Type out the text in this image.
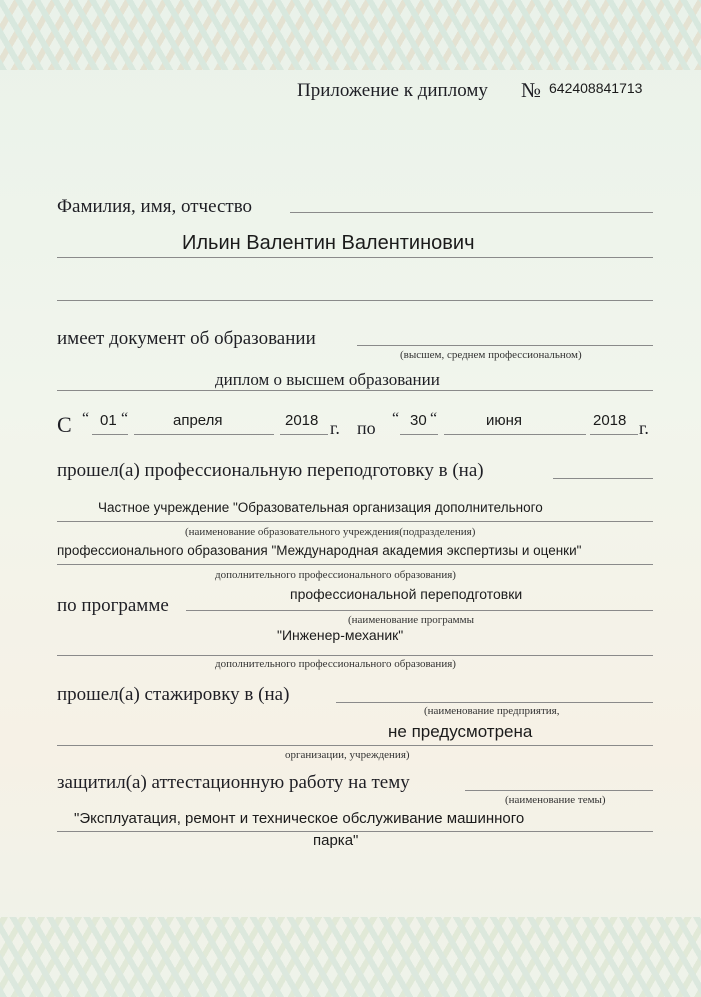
Приложение к дипломy № 642408841713
Фамилия, имя, отчество
Ильин Валентин Валентинович
имеет документ об образовании
(высшем, среднем профессиональном)
диплом о высшем образовании
С “ 01 “	апреля	2018 г. по “ 30 “	июня	2018 г.
прошел(а) профессиональную переподготовку в (на)
Частное учреждение "Образовательная организация дополнительного
(наименование образовательного учреждения(подразделения)
профессионального образования "Международная академия экспертизы и оценки"
дополнительного профессионального образования)
по программе
профессиональной переподготовки
(наименование программы
"Инженер-механик"
дополнительного профессионального образования)
прошел(а) стажировку в (на)
(наименование предприятия,
не предусмотрена
организации, учреждения)
защитил(а) аттестационную работу на тему
(наименование темы)
"Эксплуатация, ремонт и техническое обслуживание машинного
парка"
